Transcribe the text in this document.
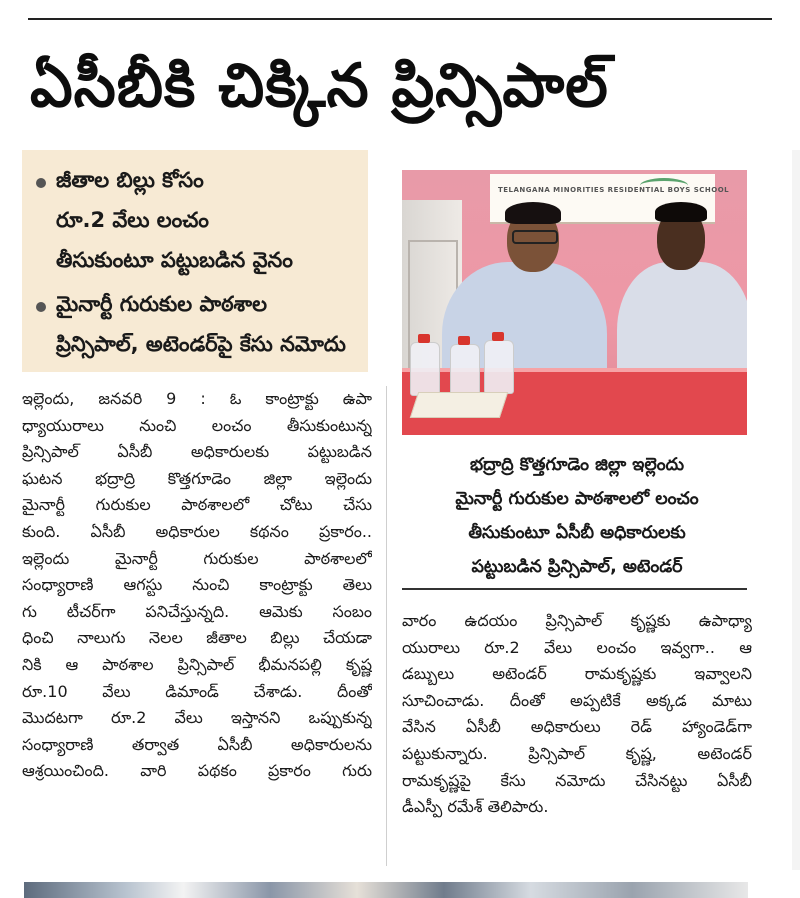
ఏసీబీకి చిక్కిన ప్రిన్సిపాల్
జీతాల బిల్లు కోసం
రూ.2 వేలు లంచం
తీసుకుంటూ పట్టుబడిన వైనం
మైనార్టీ గురుకుల పాఠశాల
ప్రిన్సిపాల్, అటెండర్‌పై కేసు నమోదు
TELANGANA MINORITIES RESIDENTIAL BOYS SCHOOL
భద్రాద్రి కొత్తగూడెం జిల్లా ఇల్లెందు
మైనార్టీ గురుకుల పాఠశాలలో లంచం
తీసుకుంటూ ఏసీబీ అధికారులకు
పట్టుబడిన ప్రిన్సిపాల్, అటెండర్
ఇల్లెందు, జనవరి 9 : ఓ కాంట్రాక్టు ఉపా
ధ్యాయురాలు నుంచి లంచం తీసుకుంటున్న
ప్రిన్సిపాల్ ఏసీబీ అధికారులకు పట్టుబడిన
ఘటన భద్రాద్రి కొత్తగూడెం జిల్లా ఇల్లెందు
మైనార్టీ గురుకుల పాఠశాలలో చోటు చేసు
కుంది. ఏసీబీ అధికారుల కథనం ప్రకారం..
ఇల్లెందు మైనార్టీ గురుకుల పాఠశాలలో
సంధ్యారాణి ఆగస్టు నుంచి కాంట్రాక్టు తెలు
గు టీచర్‌గా పనిచేస్తున్నది. ఆమెకు సంబం
ధించి నాలుగు నెలల జీతాల బిల్లు చేయడా
నికి ఆ పాఠశాల ప్రిన్సిపాల్ భీమనపల్లి కృష్ణ
రూ.10 వేలు డిమాండ్ చేశాడు. దీంతో
మొదటగా రూ.2 వేలు ఇస్తానని ఒప్పుకున్న
సంధ్యారాణి తర్వాత ఏసీబీ అధికారులను
ఆశ్రయించింది. వారి పథకం ప్రకారం గురు
వారం ఉదయం ప్రిన్సిపాల్ కృష్ణకు ఉపాధ్యా
యురాలు రూ.2 వేలు లంచం ఇవ్వగా.. ఆ
డబ్బులు అటెండర్ రామకృష్ణకు ఇవ్వాలని
సూచించాడు. దీంతో అప్పటికే అక్కడ మాటు
వేసిన ఏసీబీ అధికారులు రెడ్ హ్యాండెడ్‌గా
పట్టుకున్నారు. ప్రిన్సిపాల్ కృష్ణ, అటెండర్
రామకృష్ణపై కేసు నమోదు చేసినట్టు ఏసీబీ
డీఎస్పీ రమేశ్ తెలిపారు.
